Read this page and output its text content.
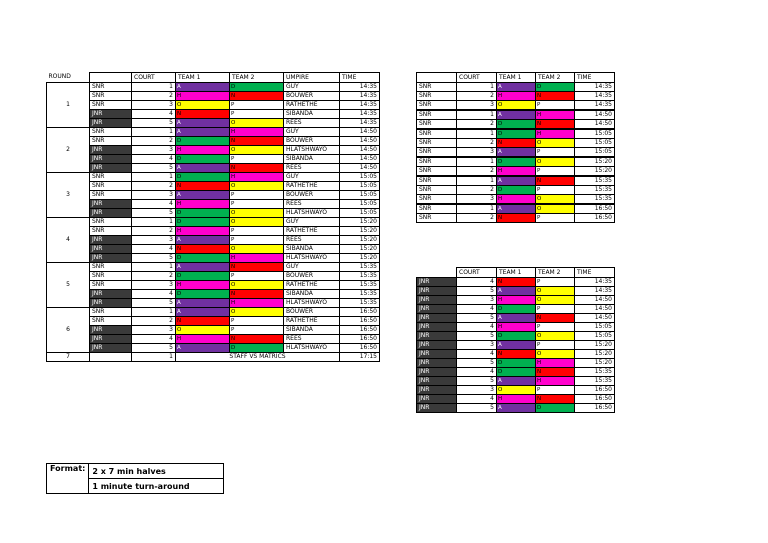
ROUND		COURT	TEAM 1	TEAM 2	UMPIRE	TIME
1	SNR	1	A	D	GUY	14:35
	SNR	2	H	N	BOUWER	14:35
	SNR	3	O	P	RATHETHE	14:35
	JNR	4	N	P	SIBANDA	14:35
	JNR	5	A	O	REES	14:35
2	SNR	1	A	H	GUY	14:50
	SNR	2	D	N	BOUWER	14:50
	JNR	3	H	O	HLATSHWAYO	14:50
	JNR	4	D	P	SIBANDA	14:50
	JNR	5	A	N	REES	14:50
3	SNR	1	D	H	GUY	15:05
	SNR	2	N	O	RATHETHE	15:05
	SNR	3	A	P	BOUWER	15:05
	JNR	4	H	P	REES	15:05
	JNR	5	D	O	HLATSHWAYO	15:05
4	SNR	1	D	O	GUY	15:20
	SNR	2	H	P	RATHETHE	15:20
	JNR	3	A	P	REES	15:20
	JNR	4	N	O	SIBANDA	15:20
	JNR	5	D	H	HLATSHWAYO	15:20
5	SNR	1	A	N	GUY	15:35
	SNR	2	D	P	BOUWER	15:35
	SNR	3	H	O	RATHETHE	15:35
	JNR	4	D	N	SIBANDA	15:35
	JNR	5	A	H	HLATSHWAYO	15:35
6	SNR	1	A	O	BOUWER	16:50
	SNR	2	N	P	RATHETHE	16:50
	JNR	3	O	P	SIBANDA	16:50
	JNR	4	H	N	REES	16:50
	JNR	5	A	D	HLATSHWAYO	16:50
7		1	STAFF VS MATRICS			17:15
	COURT	TEAM 1	TEAM 2	TIME
SNR	1	A	D	14:35
SNR	2	H	N	14:35
SNR	3	O	P	14:35
SNR	1	A	H	14:50
SNR	2	D	N	14:50
SNR	1	D	H	15:05
SNR	2	N	O	15:05
SNR	3	A	P	15:05
SNR	1	D	O	15:20
SNR	2	H	P	15:20
SNR	1	A	N	15:35
SNR	2	D	P	15:35
SNR	3	H	O	15:35
SNR	1	A	O	16:50
SNR	2	N	P	16:50
	COURT	TEAM 1	TEAM 2	TIME
JNR	4	N	P	14:35
JNR	5	A	O	14:35
JNR	3	H	O	14:50
JNR	4	D	P	14:50
JNR	5	A	N	14:50
JNR	4	H	P	15:05
JNR	5	D	O	15:05
JNR	3	A	P	15:20
JNR	4	N	O	15:20
JNR	5	D	H	15:20
JNR	4	D	N	15:35
JNR	5	A	H	15:35
JNR	3	O	P	16:50
JNR	4	H	N	16:50
JNR	5	A	D	16:50
Format:	2 x 7 min halves
1 minute turn-around
